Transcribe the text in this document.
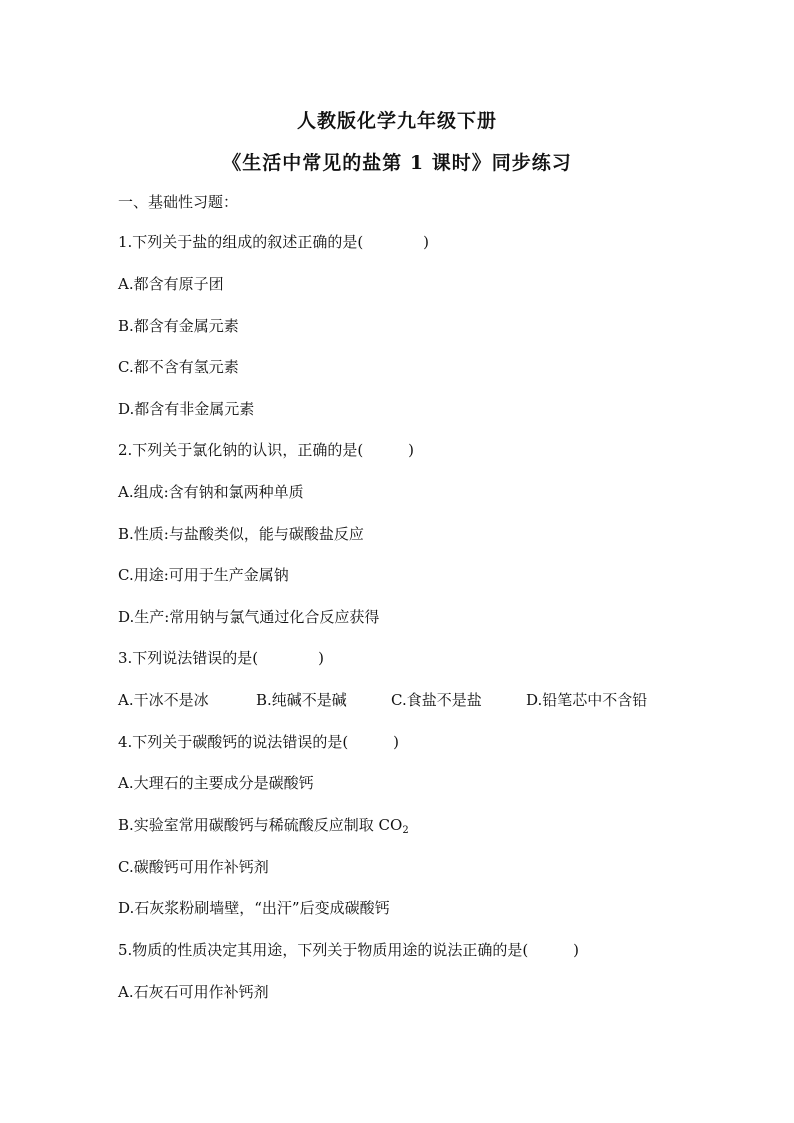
人教版化学九年级下册
《生活中常见的盐第 1 课时》同步练习
一、基础性习题：
1.下列关于盐的组成的叙述正确的是(　　　　)
A.都含有原子团
B.都含有金属元素
C.都不含有氢元素
D.都含有非金属元素
2.下列关于氯化钠的认识，正确的是(　　　)
A.组成:含有钠和氯两种单质
B.性质:与盐酸类似，能与碳酸盐反应
C.用途:可用于生产金属钠
D.生产:常用钠与氯气通过化合反应获得
3.下列说法错误的是(　　　　)
A.干冰不是冰	B.纯碱不是碱	C.食盐不是盐	D.铅笔芯中不含铅
4.下列关于碳酸钙的说法错误的是(　　　)
A.大理石的主要成分是碳酸钙
B.实验室常用碳酸钙与稀硫酸反应制取 $CO_2$
C.碳酸钙可用作补钙剂
D.石灰浆粉刷墙壁，“出汗”后变成碳酸钙
5.物质的性质决定其用途，下列关于物质用途的说法正确的是(　　　)
A.石灰石可用作补钙剂
